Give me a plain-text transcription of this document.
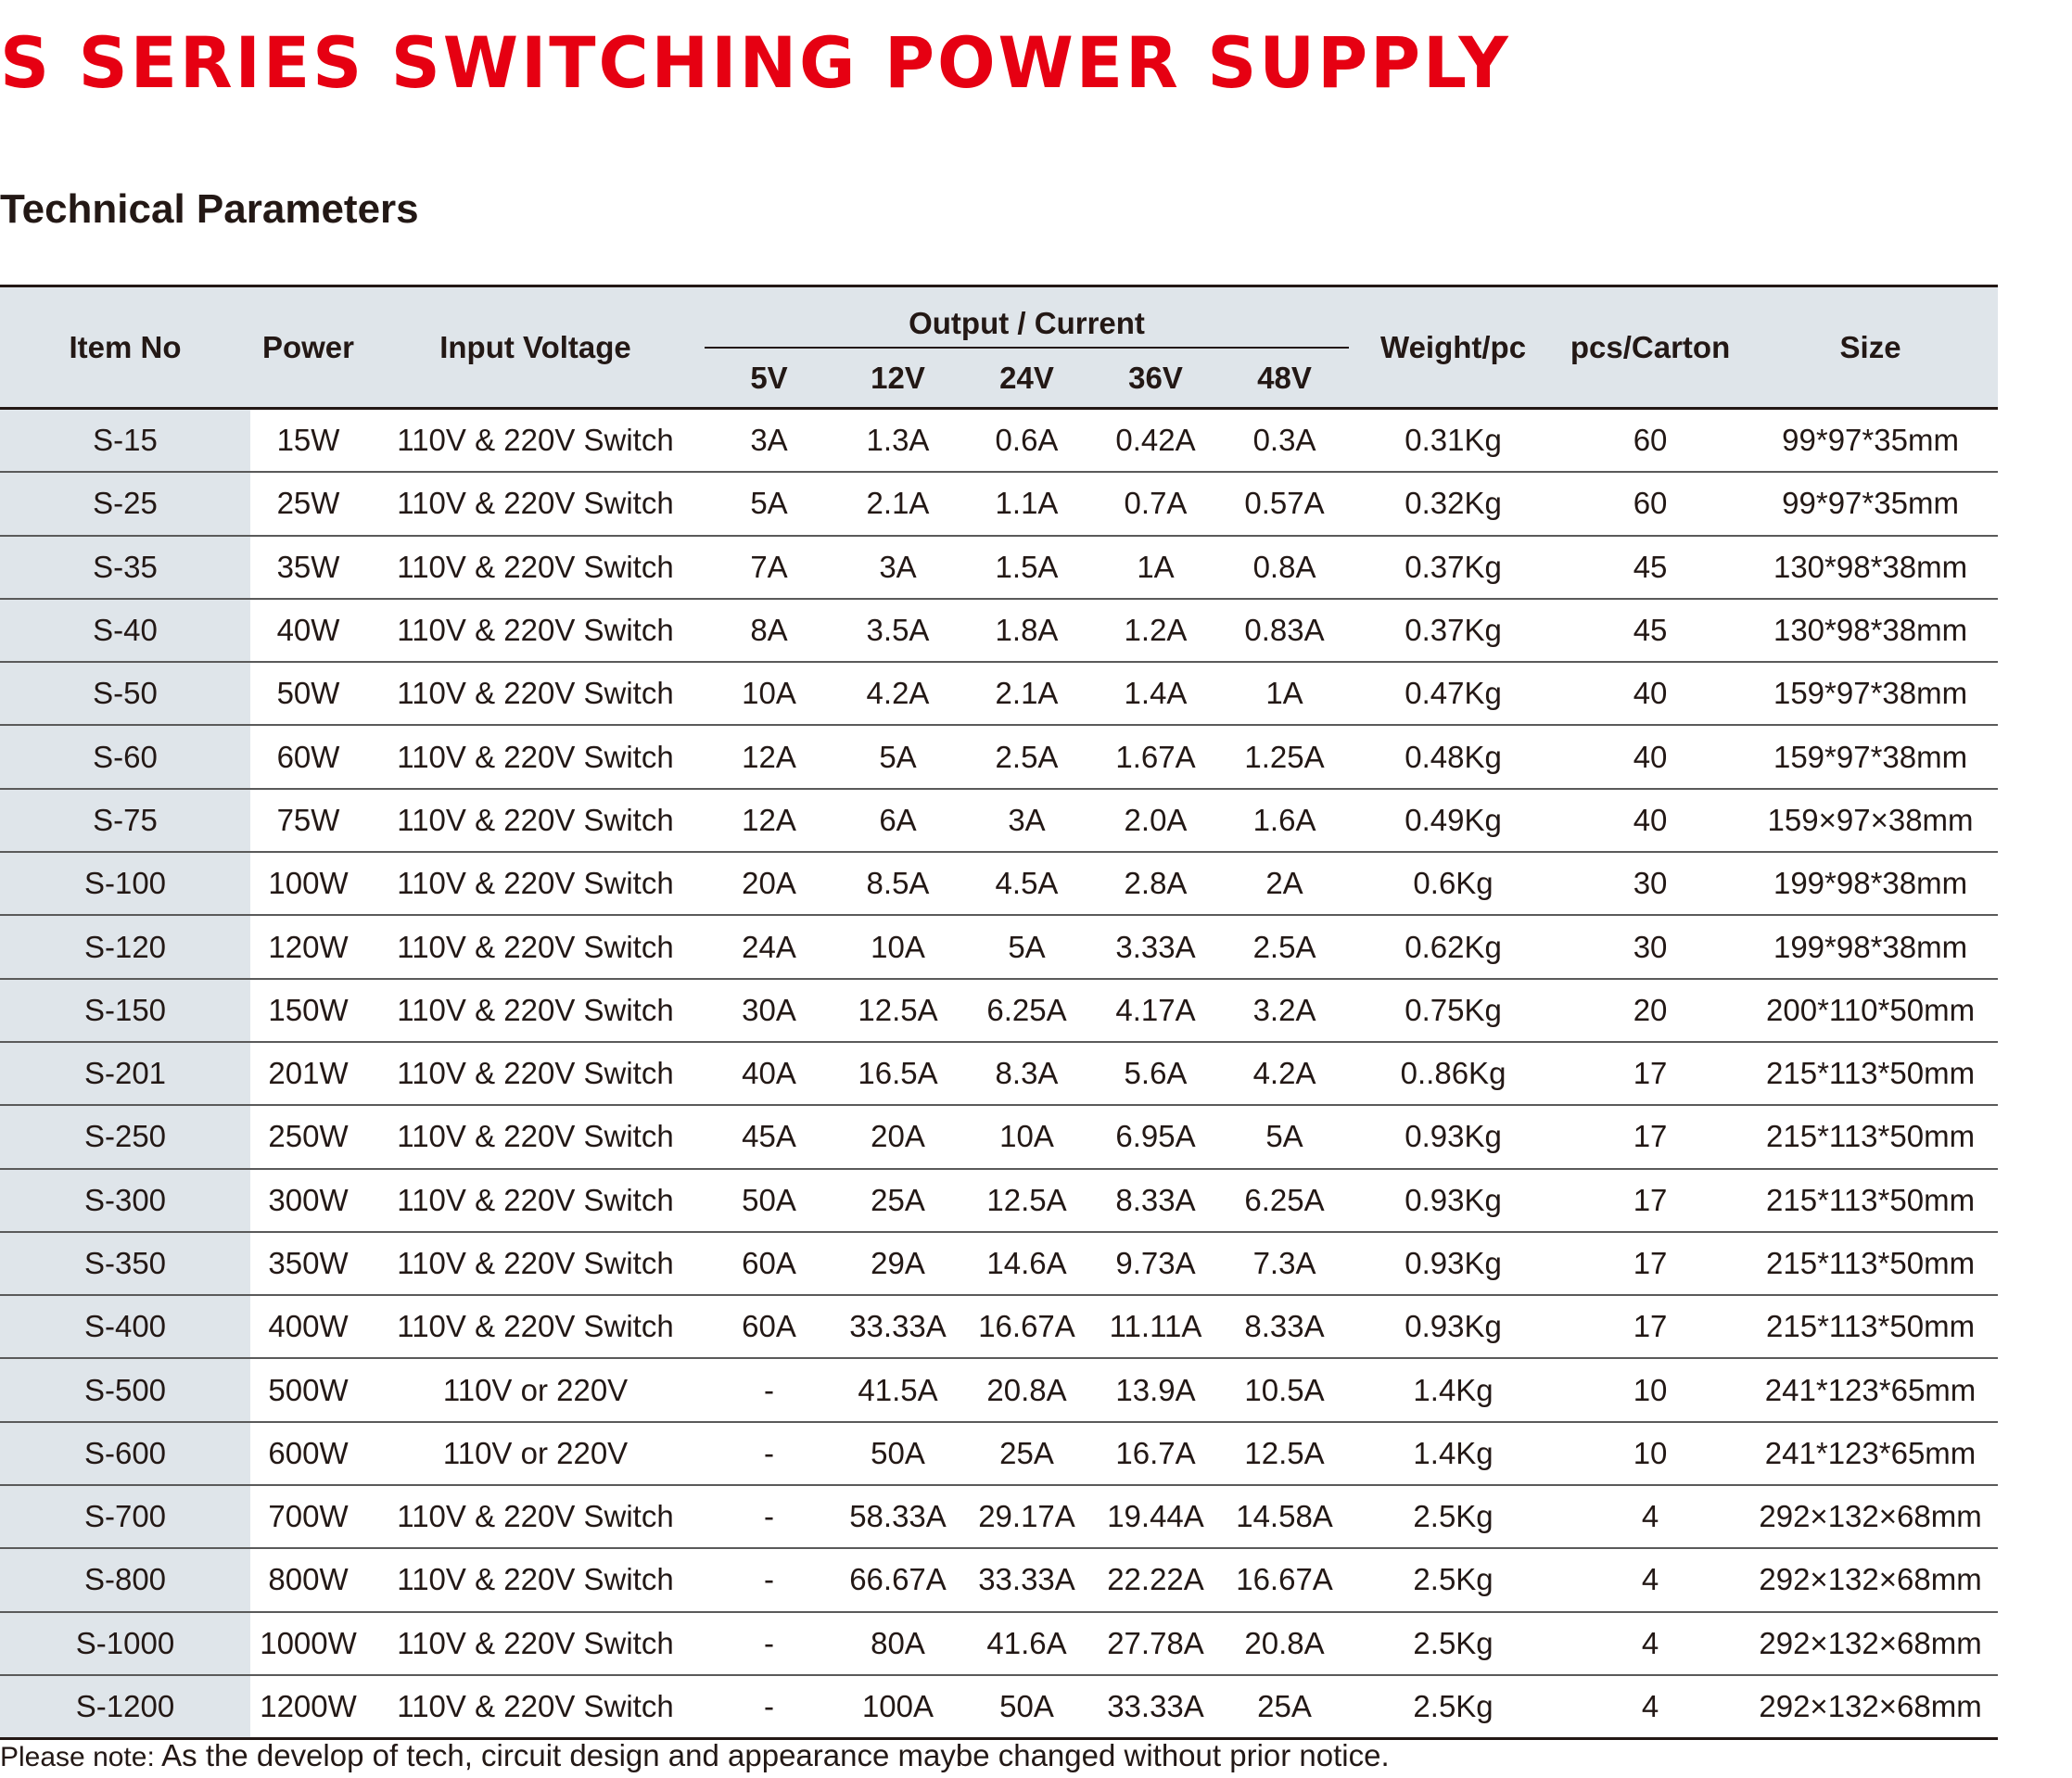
S SERIES SWITCHING POWER SUPPLY
Technical Parameters
Item No	Power	Input Voltage	Output / Current					Weight/pc	pcs/Carton	Size
			5V	12V	24V	36V	48V			
S-15	15W	110V & 220V Switch	3A	1.3A	0.6A	0.42A	0.3A	0.31Kg	60	99*97*35mm
S-25	25W	110V & 220V Switch	5A	2.1A	1.1A	0.7A	0.57A	0.32Kg	60	99*97*35mm
S-35	35W	110V & 220V Switch	7A	3A	1.5A	1A	0.8A	0.37Kg	45	130*98*38mm
S-40	40W	110V & 220V Switch	8A	3.5A	1.8A	1.2A	0.83A	0.37Kg	45	130*98*38mm
S-50	50W	110V & 220V Switch	10A	4.2A	2.1A	1.4A	1A	0.47Kg	40	159*97*38mm
S-60	60W	110V & 220V Switch	12A	5A	2.5A	1.67A	1.25A	0.48Kg	40	159*97*38mm
S-75	75W	110V & 220V Switch	12A	6A	3A	2.0A	1.6A	0.49Kg	40	159×97×38mm
S-100	100W	110V & 220V Switch	20A	8.5A	4.5A	2.8A	2A	0.6Kg	30	199*98*38mm
S-120	120W	110V & 220V Switch	24A	10A	5A	3.33A	2.5A	0.62Kg	30	199*98*38mm
S-150	150W	110V & 220V Switch	30A	12.5A	6.25A	4.17A	3.2A	0.75Kg	20	200*110*50mm
S-201	201W	110V & 220V Switch	40A	16.5A	8.3A	5.6A	4.2A	0..86Kg	17	215*113*50mm
S-250	250W	110V & 220V Switch	45A	20A	10A	6.95A	5A	0.93Kg	17	215*113*50mm
S-300	300W	110V & 220V Switch	50A	25A	12.5A	8.33A	6.25A	0.93Kg	17	215*113*50mm
S-350	350W	110V & 220V Switch	60A	29A	14.6A	9.73A	7.3A	0.93Kg	17	215*113*50mm
S-400	400W	110V & 220V Switch	60A	33.33A	16.67A	11.11A	8.33A	0.93Kg	17	215*113*50mm
S-500	500W	110V or 220V	-	41.5A	20.8A	13.9A	10.5A	1.4Kg	10	241*123*65mm
S-600	600W	110V or 220V	-	50A	25A	16.7A	12.5A	1.4Kg	10	241*123*65mm
S-700	700W	110V & 220V Switch	-	58.33A	29.17A	19.44A	14.58A	2.5Kg	4	292×132×68mm
S-800	800W	110V & 220V Switch	-	66.67A	33.33A	22.22A	16.67A	2.5Kg	4	292×132×68mm
S-1000	1000W	110V & 220V Switch	-	80A	41.6A	27.78A	20.8A	2.5Kg	4	292×132×68mm
S-1200	1200W	110V & 220V Switch	-	100A	50A	33.33A	25A	2.5Kg	4	292×132×68mm
Please note: As the develop of tech, circuit design and appearance maybe changed without prior notice.
